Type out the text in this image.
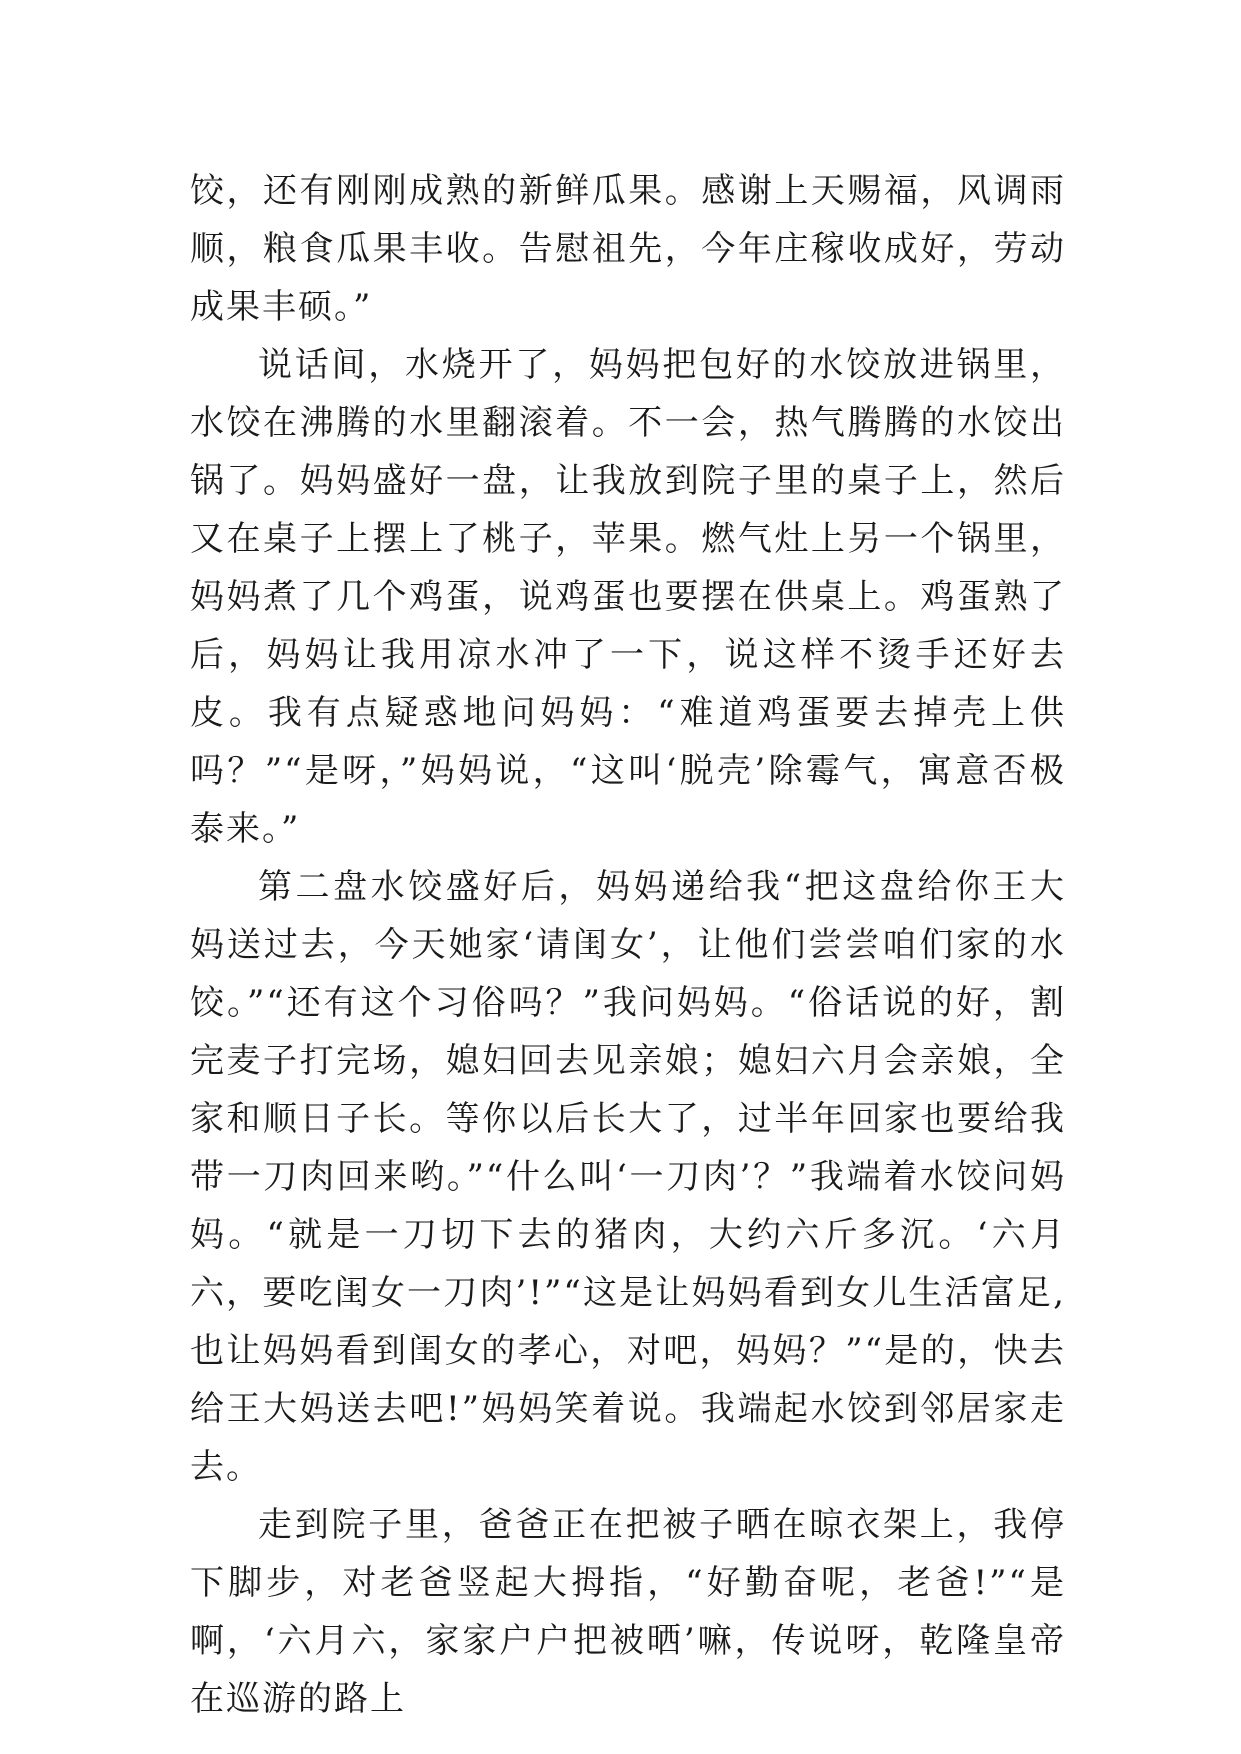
饺，还有刚刚成熟的新鲜瓜果。感谢上天赐福，风调雨顺，粮食瓜果丰收。告慰祖先，今年庄稼收成好，劳动成果丰硕。”

说话间，水烧开了，妈妈把包好的水饺放进锅里，水饺在沸腾的水里翻滚着。不一会，热气腾腾的水饺出锅了。妈妈盛好一盘，让我放到院子里的桌子上，然后又在桌子上摆上了桃子，苹果。燃气灶上另一个锅里，妈妈煮了几个鸡蛋，说鸡蛋也要摆在供桌上。鸡蛋熟了后，妈妈让我用凉水冲了一下，说这样不烫手还好去皮。我有点疑惑地问妈妈：“难道鸡蛋要去掉壳上供吗？”“是呀，”妈妈说，“这叫‘脱壳’除霉气，寓意否极泰来。”

第二盘水饺盛好后，妈妈递给我“把这盘给你王大妈送过去，今天她家‘请闺女’，让他们尝尝咱们家的水饺。”“还有这个习俗吗？”我问妈妈。“俗话说的好，割完麦子打完场，媳妇回去见亲娘；媳妇六月会亲娘，全家和顺日子长。等你以后长大了，过半年回家也要给我带一刀肉回来哟。”“什么叫‘一刀肉’？”我端着水饺问妈妈。“就是一刀切下去的猪肉，大约六斤多沉。‘六月六，要吃闺女一刀肉’!”“这是让妈妈看到女儿生活富足,也让妈妈看到闺女的孝心，对吧，妈妈？”“是的，快去给王大妈送去吧!”妈妈笑着说。我端起水饺到邻居家走去。

走到院子里，爸爸正在把被子晒在晾衣架上，我停下脚步，对老爸竖起大拇指，“好勤奋呢，老爸!”“是啊，‘六月六，家家户户把被晒’嘛，传说呀，乾隆皇帝在巡游的路上
